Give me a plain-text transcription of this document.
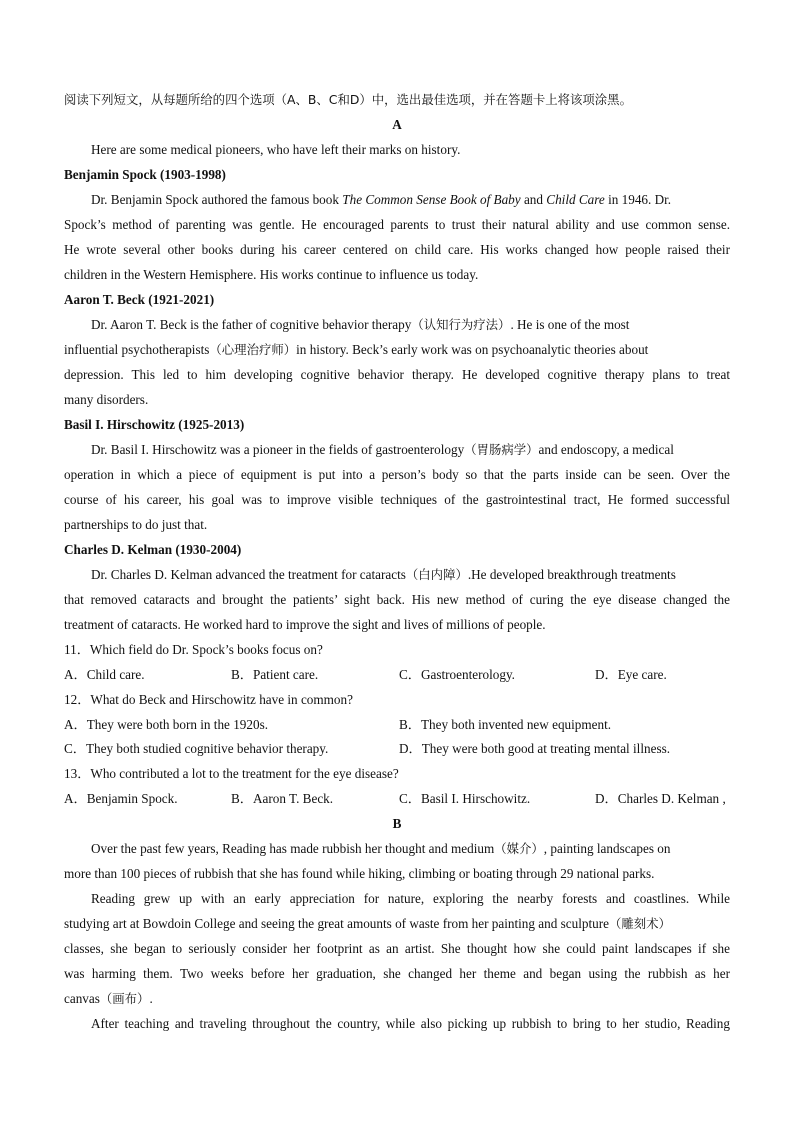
阅读下列短文，从每题所给的四个选项（A、B、C和D）中，选出最佳选项，并在答题卡上将该项涂黑。
A
Here are some medical pioneers, who have left their marks on history.
Benjamin Spock (1903-1998)
Dr. Benjamin Spock authored the famous book The Common Sense Book of Baby and Child Care in 1946. Dr.
Spock’s method of parenting was gentle. He encouraged parents to trust their natural ability and use common sense.
He wrote several other books during his career centered on child care. His works changed how people raised their
children in the Western Hemisphere. His works continue to influence us today.
Aaron T. Beck (1921-2021)
Dr. Aaron T. Beck is the father of cognitive behavior therapy（认知行为疗法）. He is one of the most
influential psychotherapists（心理治疗师）in history. Beck’s early work was on psychoanalytic theories about
depression. This led to him developing cognitive behavior therapy. He developed cognitive therapy plans to treat
many disorders.
Basil I. Hirschowitz (1925-2013)
Dr. Basil I. Hirschowitz was a pioneer in the fields of gastroenterology（胃肠病学）and endoscopy, a medical
operation in which a piece of equipment is put into a person’s body so that the parts inside can be seen. Over the
course of his career, his goal was to improve visible techniques of the gastrointestinal tract, He formed successful
partnerships to do just that.
Charles D. Kelman (1930-2004)
Dr. Charles D. Kelman advanced the treatment for cataracts（白内障）.He developed breakthrough treatments
that removed cataracts and brought the patients’ sight back. His new method of curing the eye disease changed the
treatment of cataracts. He worked hard to improve the sight and lives of millions of people.
11．Which field do Dr. Spock’s books focus on?
A．Child care.	B．Patient care.	C．Gastroenterology.	D．Eye care.
12．What do Beck and Hirschowitz have in common?
A．They were both born in the 1920s.	B．They both invented new equipment.
C．They both studied cognitive behavior therapy.	D．They were both good at treating mental illness.
13．Who contributed a lot to the treatment for the eye disease?
A．Benjamin Spock.	B．Aaron T. Beck.	C．Basil I. Hirschowitz.	D．Charles D. Kelman ,
B
Over the past few years, Reading has made rubbish her thought and medium（媒介）, painting landscapes on
more than 100 pieces of rubbish that she has found while hiking, climbing or boating through 29 national parks.
Reading grew up with an early appreciation for nature, exploring the nearby forests and coastlines. While
studying art at Bowdoin College and seeing the great amounts of waste from her painting and sculpture（雕刻术）
classes, she began to seriously consider her footprint as an artist. She thought how she could paint landscapes if she
was harming them. Two weeks before her graduation, she changed her theme and began using the rubbish as her
canvas（画布）.
After teaching and traveling throughout the country, while also picking up rubbish to bring to her studio, Reading
